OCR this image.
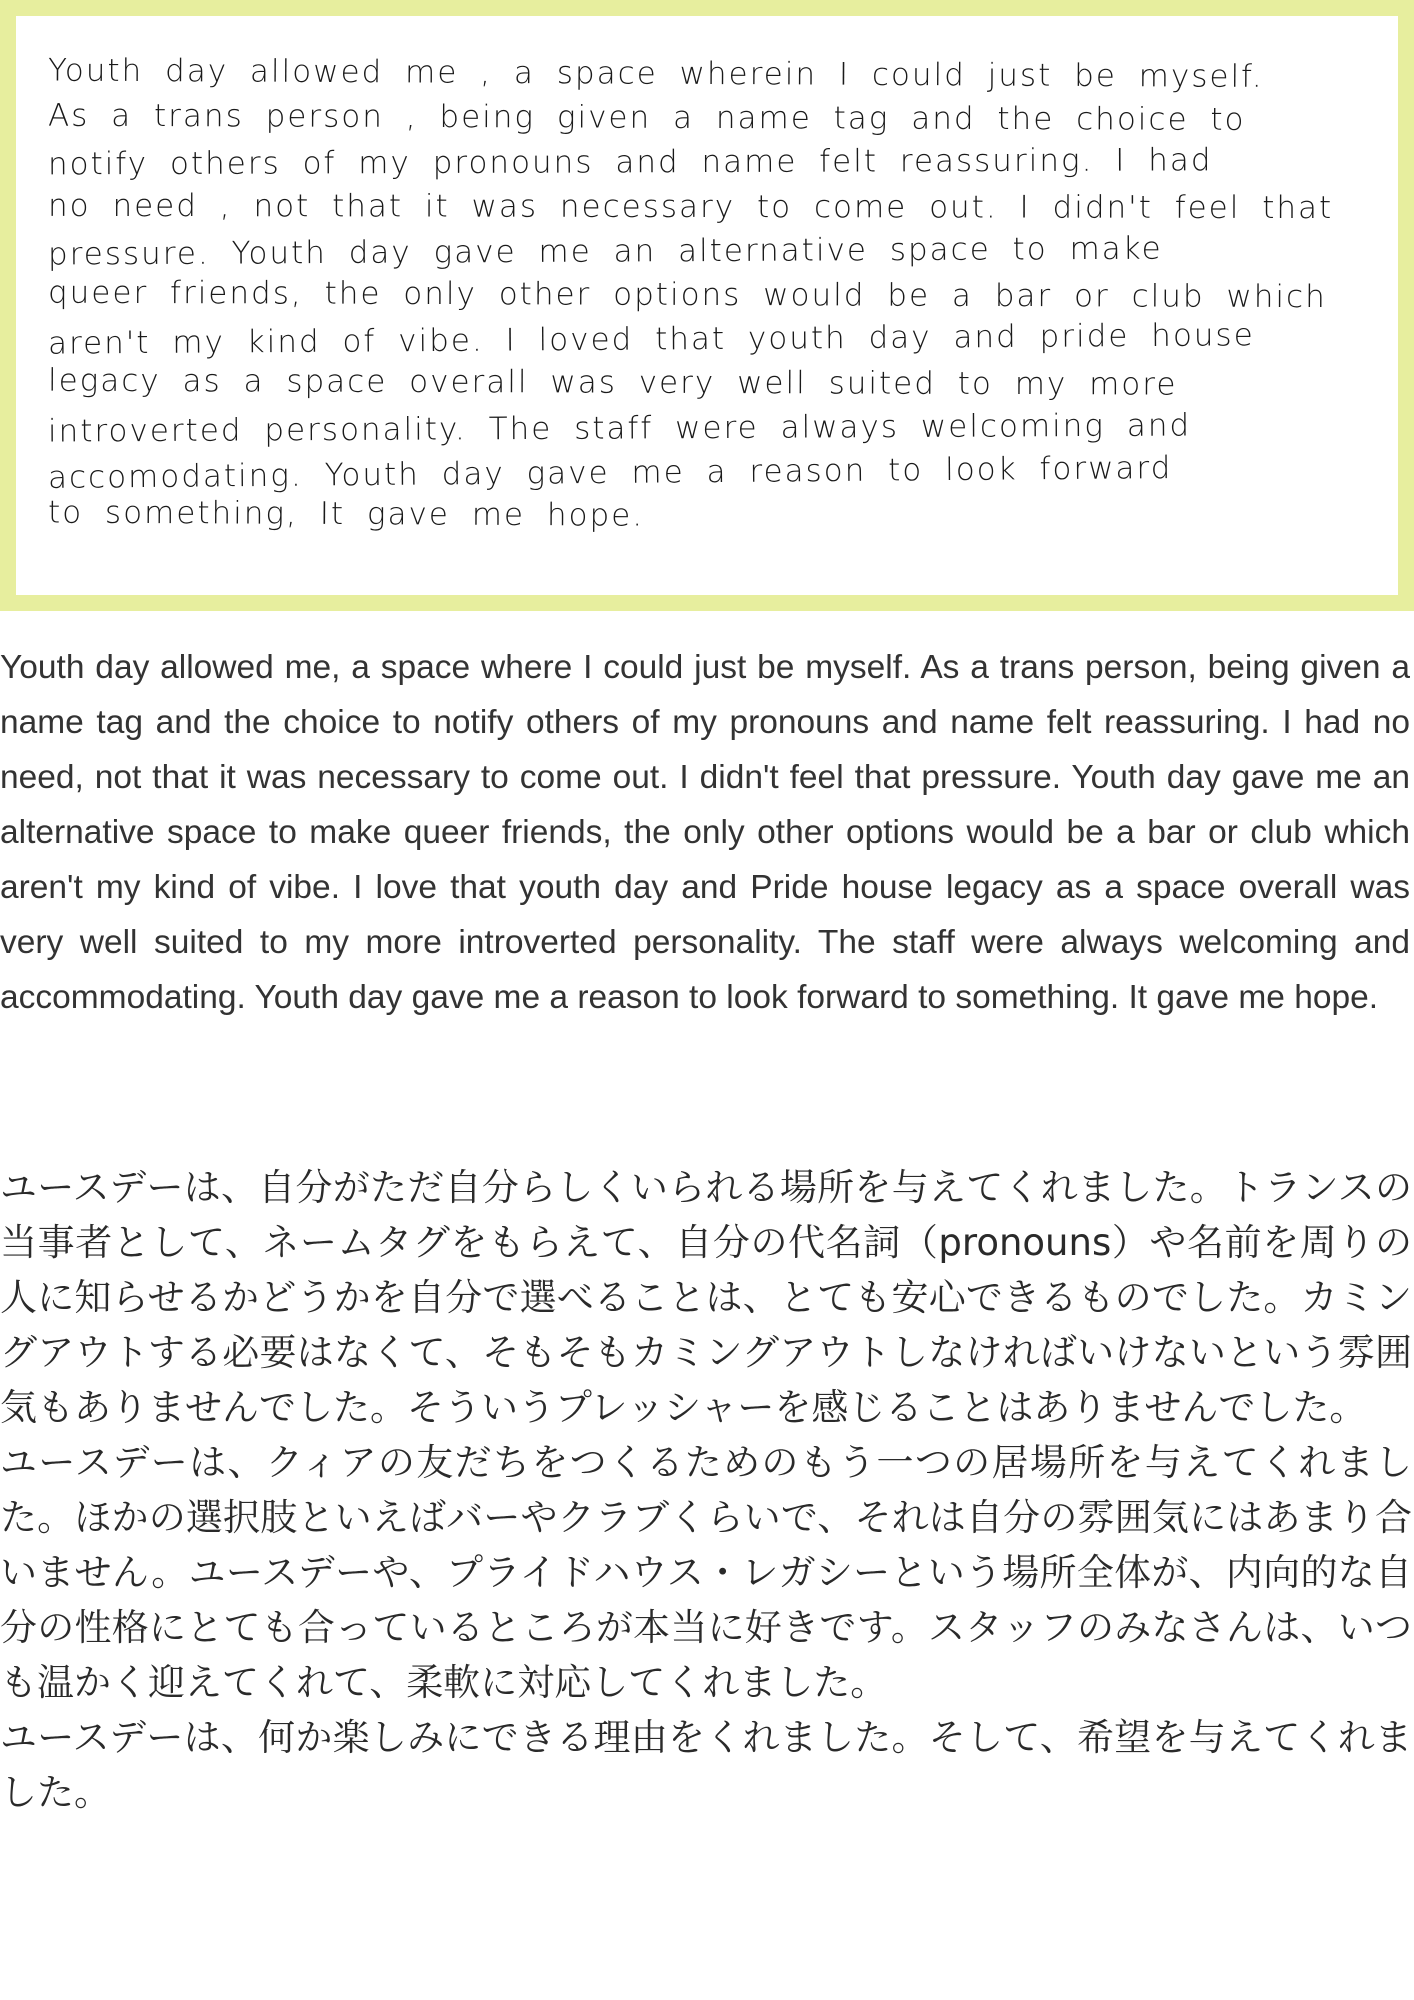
Youth day allowed me , a space wherein I could just be myself.
As a trans person , being given a name tag and the choice to
notify others of my pronouns and name felt reassuring. I had
no need , not that it was necessary to come out. I didn't feel that
pressure. Youth day gave me an alternative space to make
queer friends, the only other options would be a bar or club which
aren't my kind of vibe. I loved that youth day and pride house
legacy as a space overall was very well suited to my more
introverted personality. The staff were always welcoming and
accomodating. Youth day gave me a reason to look forward
to something, It gave me hope.

Youth day allowed me, a space where I could just be myself. As a trans person, being given a name tag and the choice to notify others of my pronouns and name felt reassuring. I had no need, not that it was necessary to come out. I didn't feel that pressure. Youth day gave me an alternative space to make queer friends, the only other options would be a bar or club which aren't my kind of vibe. I love that youth day and Pride house legacy as a space overall was very well suited to my more introverted personality. The staff were always welcoming and accommodating. Youth day gave me a reason to look forward to something. It gave me hope.

ユースデーは、自分がただ自分らしくいられる場所を与えてくれました。トランスの当事者として、ネームタグをもらえて、自分の代名詞（pronouns）や名前を周りの人に知らせるかどうかを自分で選べることは、とても安心できるものでした。カミングアウトする必要はなくて、そもそもカミングアウトしなければいけないという雰囲気もありませんでした。そういうプレッシャーを感じることはありませんでした。

ユースデーは、クィアの友だちをつくるためのもう一つの居場所を与えてくれました。ほかの選択肢といえばバーやクラブくらいで、それは自分の雰囲気にはあまり合いません。ユースデーや、プライドハウス・レガシーという場所全体が、内向的な自分の性格にとても合っているところが本当に好きです。スタッフのみなさんは、いつも温かく迎えてくれて、柔軟に対応してくれました。

ユースデーは、何か楽しみにできる理由をくれました。そして、希望を与えてくれました。
